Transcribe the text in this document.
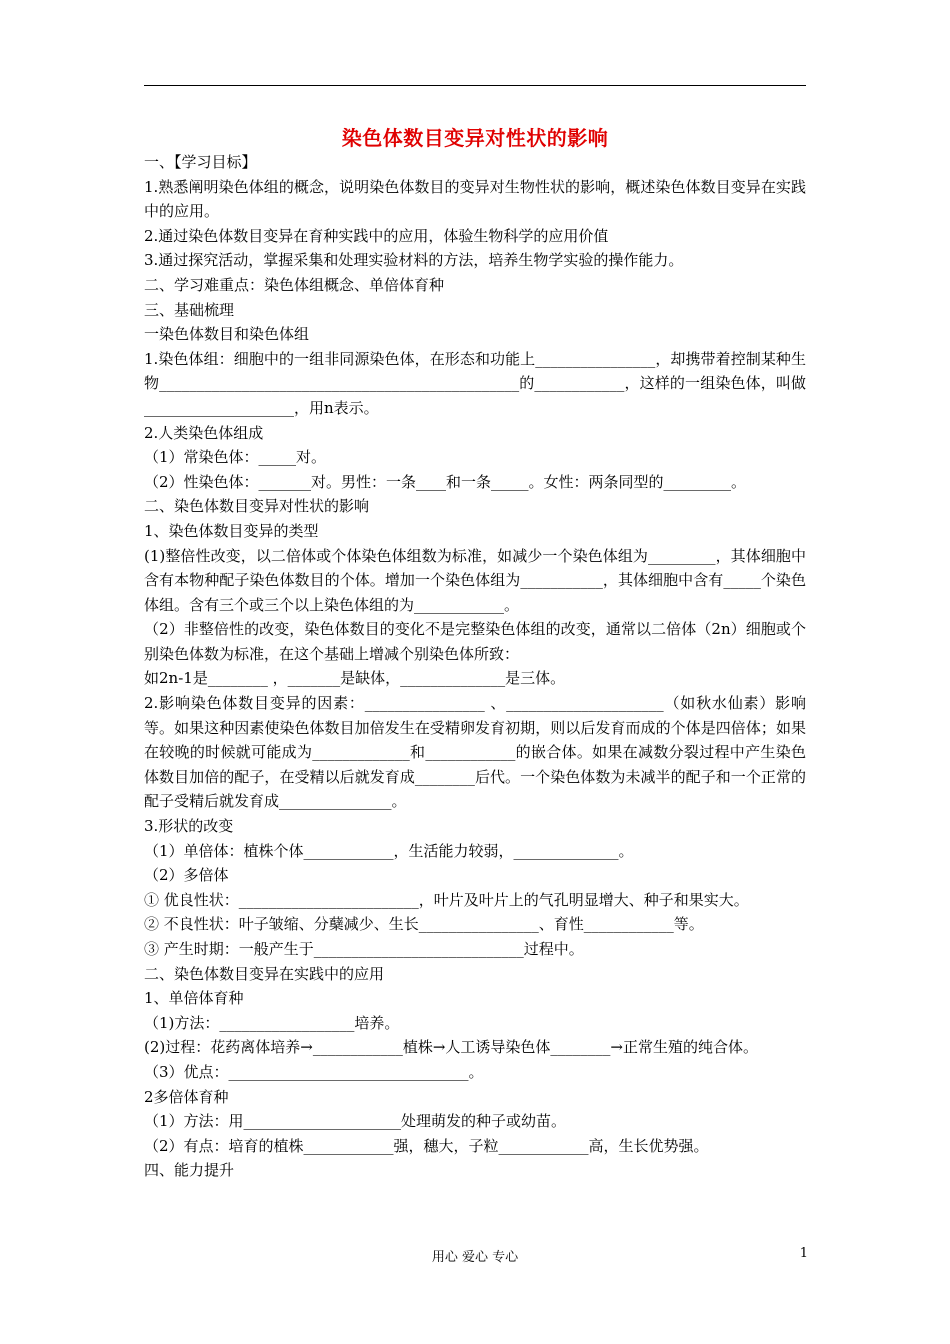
染色体数目变异对性状的影响

一、【学习目标】

1.熟悉阐明染色体组的概念，说明染色体数目的变异对生物性状的影响，概述染色体数目变异在实践中的应用。

2.通过染色体数目变异在育种实践中的应用，体验生物科学的应用价值

3.通过探究活动，掌握采集和处理实验材料的方法，培养生物学实验的操作能力。

二、学习难重点：染色体组概念、单倍体育种

三、基础梳理

一染色体数目和染色体组

1.染色体组：细胞中的一组非同源染色体，在形态和功能上________________，却携带着控制某种生物________________________________________________的____________，这样的一组染色体，叫做____________________，用n表示。

2.人类染色体组成

（1）常染色体：_____对。

（2）性染色体：_______对。男性：一条____和一条_____。女性：两条同型的_________。

二、染色体数目变异对性状的影响

1、染色体数目变异的类型

(1)整倍性改变，以二倍体或个体染色体组数为标准，如减少一个染色体组为_________，其体细胞中含有本物种配子染色体数目的个体。增加一个染色体组为___________，其体细胞中含有_____个染色体组。含有三个或三个以上染色体组的为____________。

（2）非整倍性的改变，染色体数目的变化不是完整染色体组的改变，通常以二倍体（2n）细胞或个别染色体数为标准，在这个基础上增减个别染色体所致：

如2n-1是________ ，_______是缺体，______________是三体。

2.影响染色体数目变异的因素：________________ 、_____________________（如秋水仙素）影响等。如果这种因素使染色体数目加倍发生在受精卵发育初期，则以后发育而成的个体是四倍体；如果在较晚的时候就可能成为_____________和____________的嵌合体。如果在减数分裂过程中产生染色体数目加倍的配子，在受精以后就发育成________后代。一个染色体数为未减半的配子和一个正常的配子受精后就发育成_______________。

3.形状的改变

（1）单倍体：植株个体____________，生活能力较弱，______________。

（2）多倍体

① 优良性状：________________________，叶片及叶片上的气孔明显增大、种子和果实大。

② 不良性状：叶子皱缩、分蘖减少、生长________________、育性____________等。

③ 产生时期：一般产生于____________________________过程中。

二、染色体数目变异在实践中的应用

1、单倍体育种

（1)方法：__________________培养。

(2)过程：花药离体培养→____________植株→人工诱导染色体________→正常生殖的纯合体。

（3）优点：________________________________。

2多倍体育种

（1）方法：用_____________________处理萌发的种子或幼苗。

（2）有点：培育的植株____________强，穗大，子粒____________高，生长优势强。

四、能力提升

用心 爱心 专心	1
